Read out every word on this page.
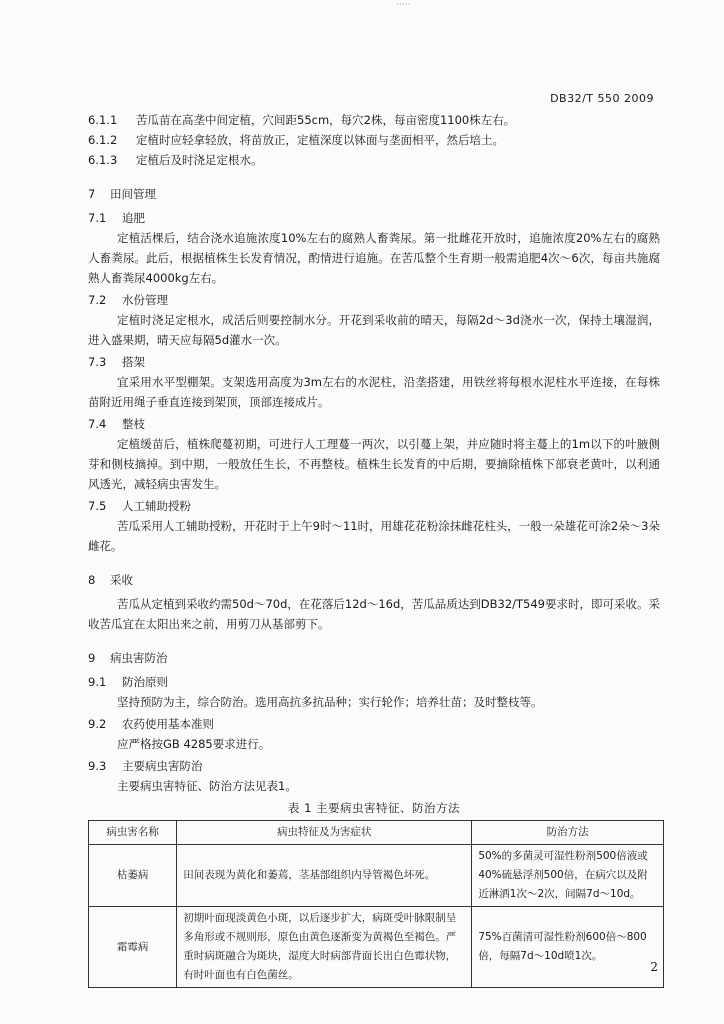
·····
DB32/T 550 2009
6.1.1	苦瓜苗在高垄中间定植，穴间距55cm，每穴2株，每亩密度1100株左右。
6.1.2	定植时应轻拿轻放，将苗放正，定植深度以钵面与垄面相平，然后培土。
6.1.3	定植后及时浇足定根水。
7	田间管理
7.1	追肥
定植活棵后，结合浇水追施浓度10%左右的腐熟人畜粪尿。第一批雌花开放时，追施浓度20%左右的腐熟人畜粪尿。此后，根据植株生长发育情况，酌情进行追施。在苦瓜整个生育期一般需追肥4次～6次，每亩共施腐熟人畜粪尿4000kg左右。
7.2	水份管理
定植时浇足定根水，成活后则要控制水分。开花到采收前的晴天，每隔2d～3d浇水一次，保持土壤湿润，进入盛果期，晴天应每隔5d灌水一次。
7.3	搭架
宜采用水平型棚架。支架选用高度为3m左右的水泥柱，沿垄搭建，用铁丝将每根水泥柱水平连接，在每株苗附近用绳子垂直连接到架顶，顶部连接成片。
7.4	整枝
定植缓苗后，植株爬蔓初期，可进行人工理蔓一两次，以引蔓上架，并应随时将主蔓上的1m以下的叶腋侧芽和侧枝摘掉。到中期，一般放任生长，不再整枝。植株生长发育的中后期，要摘除植株下部衰老黄叶，以利通风透光，减轻病虫害发生。
7.5	人工辅助授粉
苦瓜采用人工辅助授粉，开花时于上午9时～11时，用雄花花粉涂抹雌花柱头，一般一朵雄花可涂2朵～3朵雌花。
8	采收
苦瓜从定植到采收约需50d～70d，在花落后12d～16d，苦瓜品质达到DB32/T549要求时，即可采收。采收苦瓜宜在太阳出来之前，用剪刀从基部剪下。
9	病虫害防治
9.1	防治原则
坚持预防为主，综合防治。选用高抗多抗品种；实行轮作；培养壮苗；及时整枝等。
9.2	农药使用基本准则
应严格按GB 4285要求进行。
9.3	主要病虫害防治
主要病虫害特征、防治方法见表1。
表 1 主要病虫害特征、防治方法
病虫害名称	病虫特征及为害症状	防治方法
枯萎病	田间表现为黄化和萎蔫，茎基部组织内导管褐色坏死。	50%的多菌灵可湿性粉剂500倍液或40%硫悬浮剂500倍，在病穴以及附近淋洒1次～2次，间隔7d～10d。
霜霉病	初期叶面现淡黄色小斑，以后逐步扩大，病斑受叶脉限制呈多角形或不规则形，原色由黄色逐渐变为黄褐色至褐色。严重时病斑融合为斑块，湿度大时病部背面长出白色霉状物，有时叶面也有白色菌丝。	75%百菌清可湿性粉剂600倍～800倍，每隔7d～10d喷1次。
2
